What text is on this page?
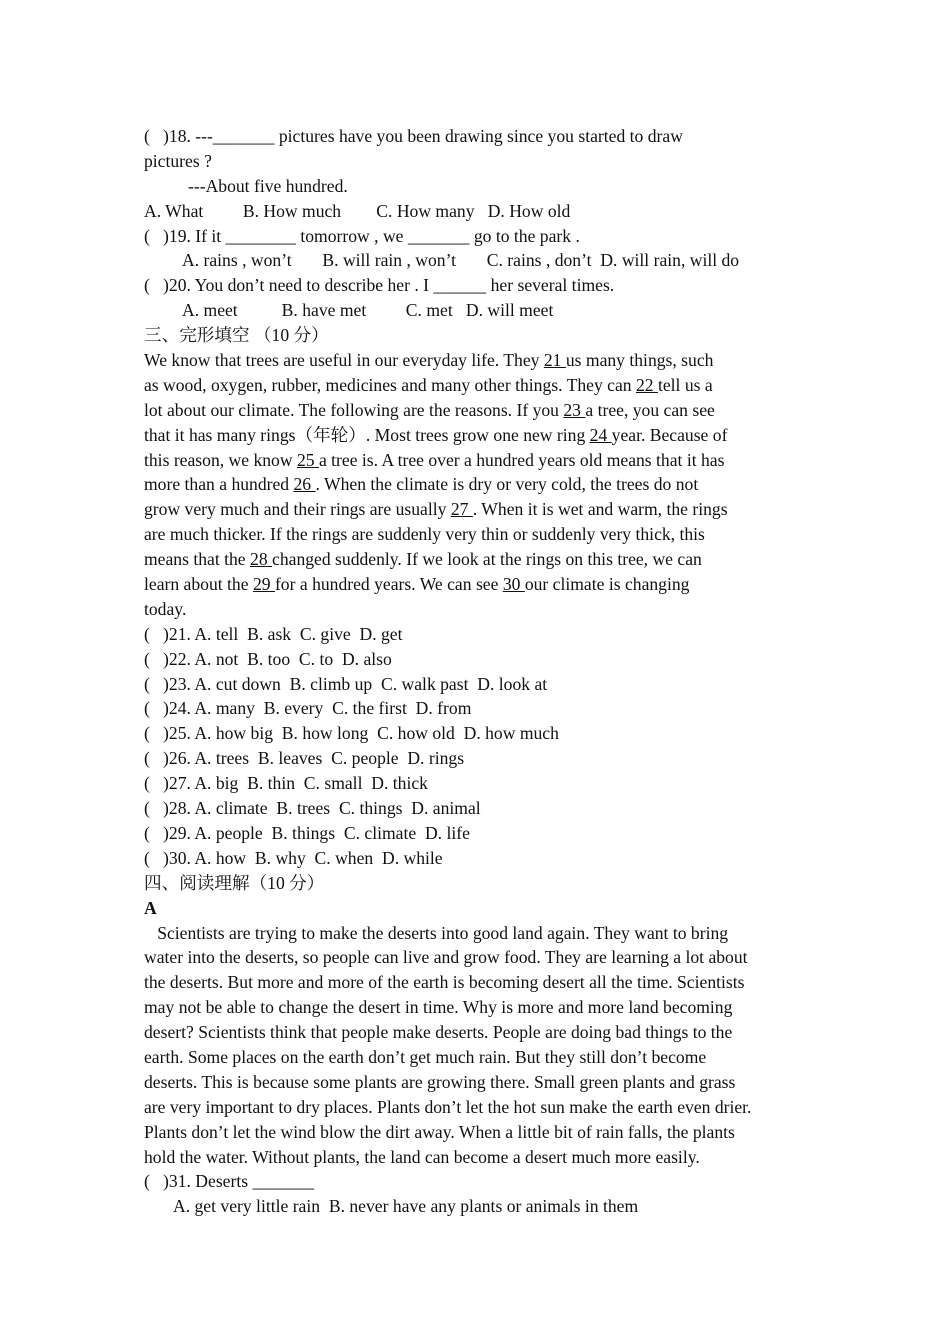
(   )18. ---_______ pictures have you been drawing since you started to draw
pictures ?
---About five hundred.
A. What         B. How much        C. How many   D. How old
(   )19. If it ________ tomorrow , we _______ go to the park .
A. rains , won’t       B. will rain , won’t       C. rains , don’t  D. will rain, will do
(   )20. You don’t need to describe her . I ______ her several times.
A. meet          B. have met         C. met   D. will meet
三、完形填空 （10 分）

We know that trees are useful in our everyday life. They 21 us many things, such

as wood, oxygen, rubber, medicines and many other things. They can 22 tell us a

lot about our climate. The following are the reasons. If you 23 a tree, you can see

that it has many rings（年轮）. Most trees grow one new ring 24 year. Because of

this reason, we know 25 a tree is. A tree over a hundred years old means that it has

more than a hundred 26 . When the climate is dry or very cold, the trees do not

grow very much and their rings are usually 27 . When it is wet and warm, the rings

are much thicker. If the rings are suddenly very thin or suddenly very thick, this

means that the 28 changed suddenly. If we look at the rings on this tree, we can

learn about the 29 for a hundred years. We can see 30 our climate is changing

today.

(   )21. A. tell  B. ask  C. give  D. get
(   )22. A. not  B. too  C. to  D. also
(   )23. A. cut down  B. climb up  C. walk past  D. look at
(   )24. A. many  B. every  C. the first  D. from
(   )25. A. how big  B. how long  C. how old  D. how much
(   )26. A. trees  B. leaves  C. people  D. rings
(   )27. A. big  B. thin  C. small  D. thick
(   )28. A. climate  B. trees  C. things  D. animal
(   )29. A. people  B. things  C. climate  D. life
(   )30. A. how  B. why  C. when  D. while
四、阅读理解（10 分）
A

Scientists are trying to make the deserts into good land again. They want to bring

water into the deserts, so people can live and grow food. They are learning a lot about

the deserts. But more and more of the earth is becoming desert all the time. Scientists

may not be able to change the desert in time. Why is more and more land becoming

desert? Scientists think that people make deserts. People are doing bad things to the

earth. Some places on the earth don’t get much rain. But they still don’t become

deserts. This is because some plants are growing there. Small green plants and grass

are very important to dry places. Plants don’t let the hot sun make the earth even drier.

Plants don’t let the wind blow the dirt away. When a little bit of rain falls, the plants

hold the water. Without plants, the land can become a desert much more easily.

(   )31. Deserts _______
A. get very little rain  B. never have any plants or animals in them
